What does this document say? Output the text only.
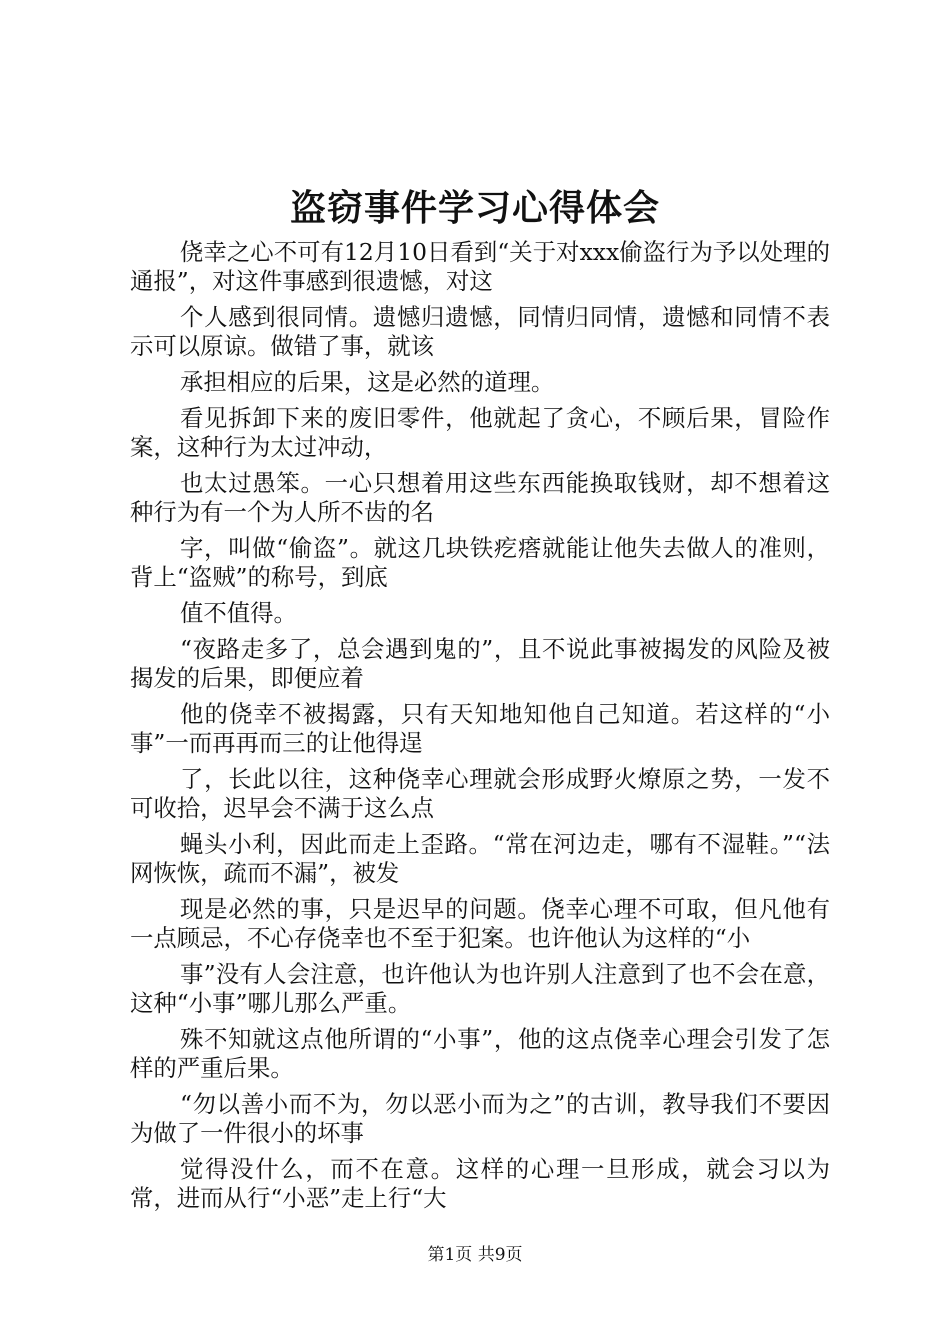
盗窃事件学习心得体会

侥幸之心不可有12月10日看到“关于对xxx偷盗行为予以处理的通报”，对这件事感到很遗憾，对这

个人感到很同情。遗憾归遗憾，同情归同情，遗憾和同情不表示可以原谅。做错了事，就该

承担相应的后果，这是必然的道理。

看见拆卸下来的废旧零件，他就起了贪心，不顾后果，冒险作案，这种行为太过冲动，

也太过愚笨。一心只想着用这些东西能换取钱财，却不想着这种行为有一个为人所不齿的名

字，叫做“偷盗”。就这几块铁疙瘩就能让他失去做人的准则，背上“盗贼”的称号，到底

值不值得。

“夜路走多了，总会遇到鬼的”，且不说此事被揭发的风险及被揭发的后果，即便应着

他的侥幸不被揭露，只有天知地知他自己知道。若这样的“小事”一而再再而三的让他得逞

了，长此以往，这种侥幸心理就会形成野火燎原之势，一发不可收拾，迟早会不满于这么点

蝇头小利，因此而走上歪路。“常在河边走，哪有不湿鞋。”“法网恢恢，疏而不漏”，被发

现是必然的事，只是迟早的问题。侥幸心理不可取，但凡他有一点顾忌，不心存侥幸也不至于犯案。也许他认为这样的“小

事”没有人会注意，也许他认为也许别人注意到了也不会在意，这种“小事”哪儿那么严重。

殊不知就这点他所谓的“小事”，他的这点侥幸心理会引发了怎样的严重后果。

“勿以善小而不为，勿以恶小而为之”的古训，教导我们不要因为做了一件很小的坏事

觉得没什么，而不在意。这样的心理一旦形成，就会习以为常，进而从行“小恶”走上行“大

第1页 共9页
